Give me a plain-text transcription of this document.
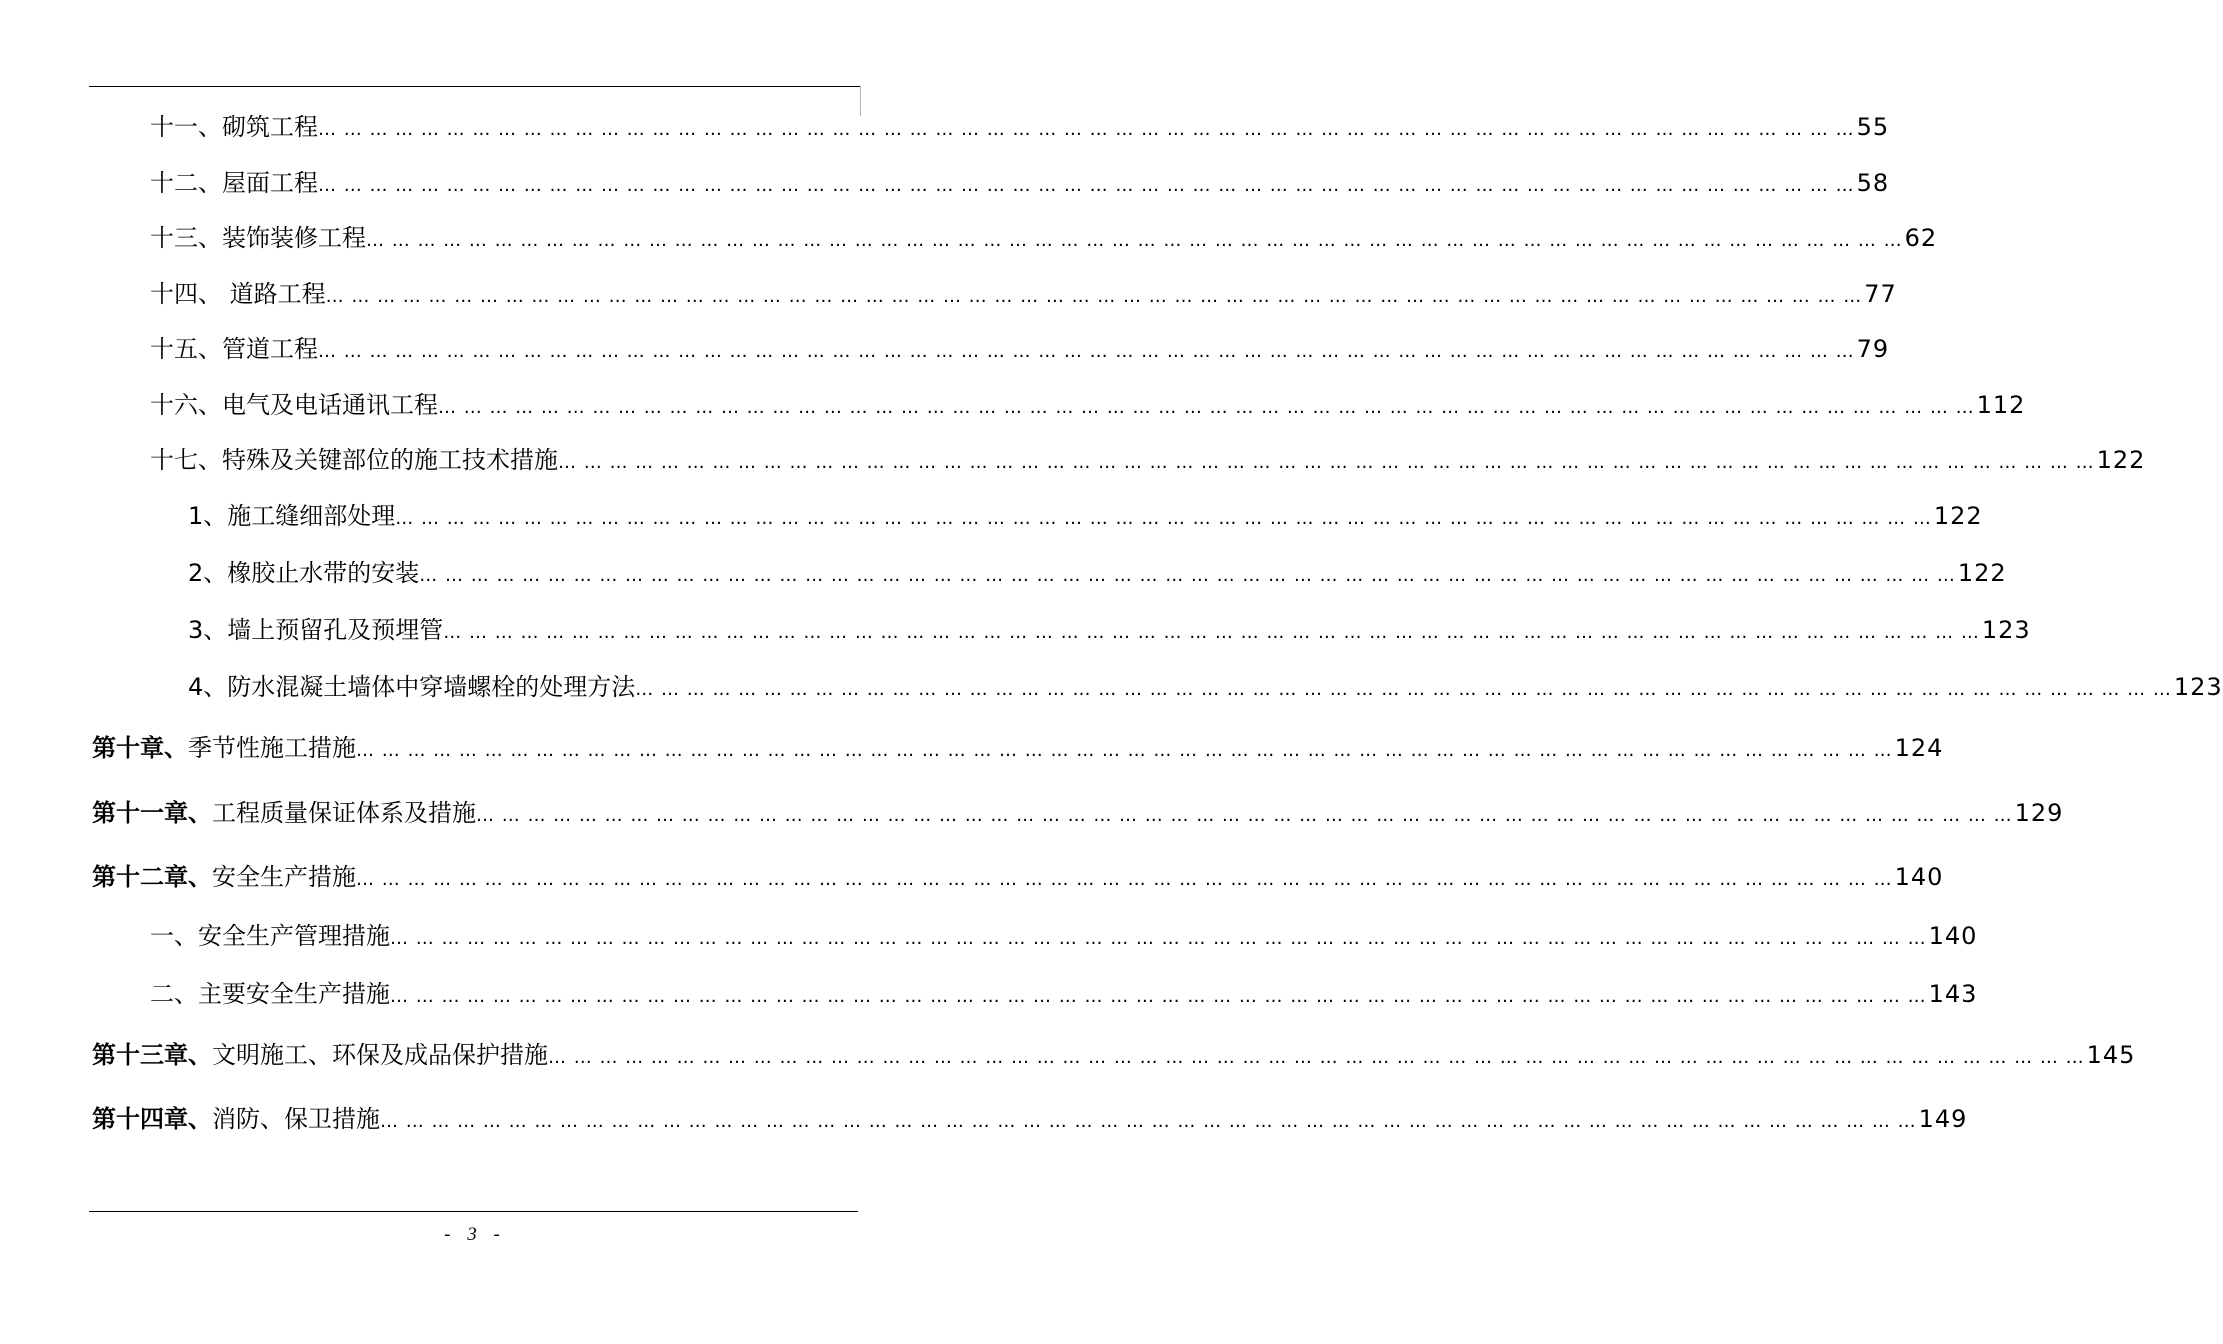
十一、砌筑工程 … … … … … … … … … … … … … … … … … … … … … … … … … … … … … … … … … … … … … … … … … … … … … … … … … … … … … … … … … … … … 55
十二、屋面工程 … … … … … … … … … … … … … … … … … … … … … … … … … … … … … … … … … … … … … … … … … … … … … … … … … … … … … … … … … … … … 58
十三、装饰装修工程 … … … … … … … … … … … … … … … … … … … … … … … … … … … … … … … … … … … … … … … … … … … … … … … … … … … … … … … … … … … … 62
十四、 道路工程 … … … … … … … … … … … … … … … … … … … … … … … … … … … … … … … … … … … … … … … … … … … … … … … … … … … … … … … … … … … … 77
十五、管道工程 … … … … … … … … … … … … … … … … … … … … … … … … … … … … … … … … … … … … … … … … … … … … … … … … … … … … … … … … … … … … 79
十六、电气及电话通讯工程 … … … … … … … … … … … … … … … … … … … … … … … … … … … … … … … … … … … … … … … … … … … … … … … … … … … … … … … … … … … … 112
十七、特殊及关键部位的施工技术措施 … … … … … … … … … … … … … … … … … … … … … … … … … … … … … … … … … … … … … … … … … … … … … … … … … … … … … … … … … … … … 122
1、施工缝细部处理 … … … … … … … … … … … … … … … … … … … … … … … … … … … … … … … … … … … … … … … … … … … … … … … … … … … … … … … … … … … … 122
2、橡胶止水带的安装 … … … … … … … … … … … … … … … … … … … … … … … … … … … … … … … … … … … … … … … … … … … … … … … … … … … … … … … … … … … … 122
3、墙上预留孔及预埋管 … … … … … … … … … … … … … … … … … … … … … … … … … … … … … … … … … … … … … … … … … … … … … … … … … … … … … … … … … … … … 123
4、防水混凝土墙体中穿墙螺栓的处理方法 … … … … … … … … … … … … … … … … … … … … … … … … … … … … … … … … … … … … … … … … … … … … … … … … … … … … … … … … … … … … 123
第十章、 季节性施工措施 … … … … … … … … … … … … … … … … … … … … … … … … … … … … … … … … … … … … … … … … … … … … … … … … … … … … … … … … … … … … 124
第十一章、 工程质量保证体系及措施 … … … … … … … … … … … … … … … … … … … … … … … … … … … … … … … … … … … … … … … … … … … … … … … … … … … … … … … … … … … … 129
第十二章、 安全生产措施 … … … … … … … … … … … … … … … … … … … … … … … … … … … … … … … … … … … … … … … … … … … … … … … … … … … … … … … … … … … … 140
一、安全生产管理措施 … … … … … … … … … … … … … … … … … … … … … … … … … … … … … … … … … … … … … … … … … … … … … … … … … … … … … … … … … … … … 140
二、主要安全生产措施 … … … … … … … … … … … … … … … … … … … … … … … … … … … … … … … … … … … … … … … … … … … … … … … … … … … … … … … … … … … … 143
第十三章、 文明施工、环保及成品保护措施 … … … … … … … … … … … … … … … … … … … … … … … … … … … … … … … … … … … … … … … … … … … … … … … … … … … … … … … … … … … … 145
第十四章、 消防、保卫措施 … … … … … … … … … … … … … … … … … … … … … … … … … … … … … … … … … … … … … … … … … … … … … … … … … … … … … … … … … … … … 149
- 3 -
